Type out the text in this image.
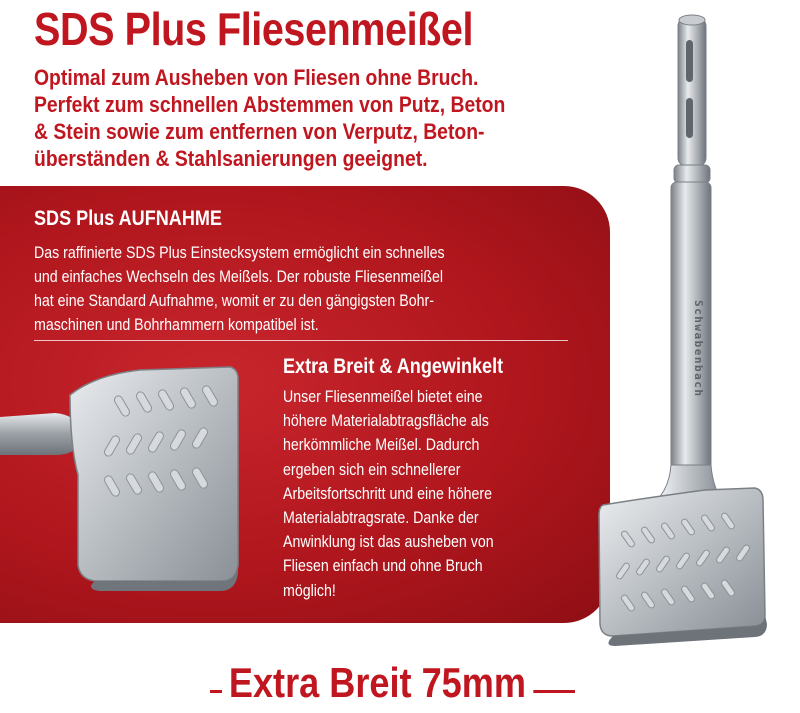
SDS Plus Fliesenmeißel
Optimal zum Ausheben von Fliesen ohne Bruch.
Perfekt zum schnellen Abstemmen von Putz, Beton
& Stein sowie zum entfernen von Verputz, Beton-
überständen & Stahlsanierungen geeignet.
SDS Plus AUFNAHME
Das raffinierte SDS Plus Einstecksystem ermöglicht ein schnelles
und einfaches Wechseln des Meißels. Der robuste Fliesenmeißel
hat eine Standard Aufnahme, womit er zu den gängigsten Bohr-
maschinen und Bohrhammern kompatibel ist.
Extra Breit & Angewinkelt
Unser Fliesenmeißel bietet eine
höhere Materialabtragsfläche als
herkömmliche Meißel. Dadurch
ergeben sich ein schnellerer
Arbeitsfortschritt und eine höhere
Materialabtragsrate. Danke der
Anwinklung ist das ausheben von
Fliesen einfach und ohne Bruch
möglich!
Schwabenbach
Extra Breit 75mm
